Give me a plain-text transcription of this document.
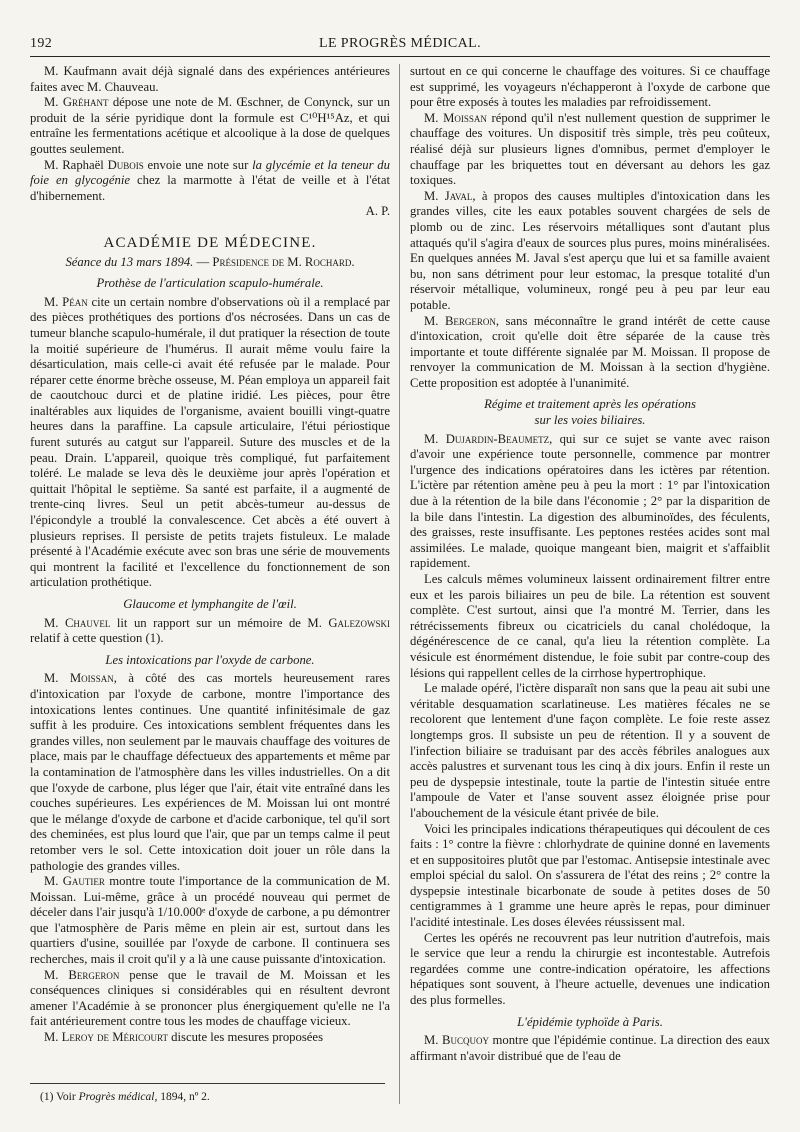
192	LE PROGRÈS MÉDICAL.

M. Kaufmann avait déjà signalé dans des expériences antérieures faites avec M. Chauveau.

M. Gréhant dépose une note de M. Œschner, de Conynck, sur un produit de la série pyridique dont la formule est C¹⁰H¹⁵Az, et qui entraîne les fermentations acétique et alcoolique à la dose de quelques gouttes seulement.

M. Raphaël Dubois envoie une note sur la glycémie et la teneur du foie en glycogénie chez la marmotte à l'état de veille et à l'état d'hibernement.
A. P.

ACADÉMIE DE MÉDECINE.

Séance du 13 mars 1894. — Présidence de M. Rochard.

Prothèse de l'articulation scapulo-humérale.

M. Péan cite un certain nombre d'observations où il a remplacé par des pièces prothétiques des portions d'os nécrosées. Dans un cas de tumeur blanche scapulo-humérale, il dut pratiquer la résection de toute la moitié supérieure de l'humérus. Il aurait même voulu faire la désarticulation, mais celle-ci avait été refusée par le malade. Pour réparer cette énorme brèche osseuse, M. Péan employa un appareil fait de caoutchouc durci et de platine iridié. Les pièces, pour être inaltérables aux liquides de l'organisme, avaient bouilli vingt-quatre heures dans la paraffine. La capsule articulaire, l'étui périostique furent suturés au catgut sur l'appareil. Suture des muscles et de la peau. Drain. L'appareil, quoique très compliqué, fut parfaitement toléré. Le malade se leva dès le deuxième jour après l'opération et quittait l'hôpital le septième. Sa santé est parfaite, il a augmenté de trente-cinq livres. Seul un petit abcès-tumeur au-dessus de l'épicondyle a troublé la convalescence. Cet abcès a été ouvert à plusieurs reprises. Il persiste de petits trajets fistuleux. Le malade présenté à l'Académie exécute avec son bras une série de mouvements qui montrent la facilité et l'excellence du fonctionnement de son articulation prothétique.

Glaucome et lymphangite de l'œil.

M. Chauvel lit un rapport sur un mémoire de M. Galezowski relatif à cette question (1).

Les intoxications par l'oxyde de carbone.

M. Moissan, à côté des cas mortels heureusement rares d'intoxication par l'oxyde de carbone, montre l'importance des intoxications lentes continues. Une quantité infinitésimale de gaz suffit à les produire. Ces intoxications semblent fréquentes dans les grandes villes, non seulement par le mauvais chauffage des voitures de place, mais par le chauffage défectueux des appartements et même par la contamination de l'atmosphère dans les villes industrielles. On a dit que l'oxyde de carbone, plus léger que l'air, était vite entraîné dans les couches supérieures. Les expériences de M. Moissan lui ont montré que le mélange d'oxyde de carbone et d'acide carbonique, tel qu'il sort des cheminées, est plus lourd que l'air, que par un temps calme il peut retomber vers le sol. Cette intoxication doit jouer un rôle dans la pathologie des grandes villes.

M. Gautier montre toute l'importance de la communication de M. Moissan. Lui-même, grâce à un procédé nouveau qui permet de déceler dans l'air jusqu'à 1/10.000ᵉ d'oxyde de carbone, a pu démontrer que l'atmosphère de Paris même en plein air est, surtout dans les quartiers d'usine, souillée par l'oxyde de carbone. Il continuera ses recherches, mais il croit qu'il y a là une cause puissante d'intoxication.

M. Bergeron pense que le travail de M. Moissan et les conséquences cliniques si considérables qui en résultent devront amener l'Académie à se prononcer plus énergiquement qu'elle ne l'a fait antérieurement contre tous les modes de chauffage vicieux.

M. Leroy de Méricourt discute les mesures proposées

surtout en ce qui concerne le chauffage des voitures. Si ce chauffage est supprimé, les voyageurs n'échapperont à l'oxyde de carbone que pour être exposés à toutes les maladies par refroidissement.

M. Moissan répond qu'il n'est nullement question de supprimer le chauffage des voitures. Un dispositif très simple, très peu coûteux, réalisé déjà sur plusieurs lignes d'omnibus, permet d'employer le chauffage par les briquettes tout en déversant au dehors les gaz toxiques.

M. Javal, à propos des causes multiples d'intoxication dans les grandes villes, cite les eaux potables souvent chargées de sels de plomb ou de zinc. Les réservoirs métalliques sont d'autant plus attaqués qu'il s'agira d'eaux de sources plus pures, moins minéralisées. En quelques années M. Javal s'est aperçu que lui et sa famille avaient bu, non sans détriment pour leur estomac, la presque totalité d'un réservoir métallique, volumineux, rongé peu à peu par leur eau potable.

M. Bergeron, sans méconnaître le grand intérêt de cette cause d'intoxication, croit qu'elle doit être séparée de la cause très importante et toute différente signalée par M. Moissan. Il propose de renvoyer la communication de M. Moissan à la section d'hygiène. Cette proposition est adoptée à l'unanimité.

Régime et traitement après les opérations
sur les voies biliaires.

M. Dujardin-Beaumetz, qui sur ce sujet se vante avec raison d'avoir une expérience toute personnelle, commence par montrer l'urgence des indications opératoires dans les ictères par rétention. L'ictère par rétention amène peu à peu la mort : 1° par l'intoxication due à la rétention de la bile dans l'économie ; 2° par la disparition de la bile dans l'intestin. La digestion des albuminoïdes, des féculents, des graisses, reste insuffisante. Les peptones restées acides sont mal assimilées. Le malade, quoique mangeant bien, maigrit et s'affaiblit rapidement.

Les calculs mêmes volumineux laissent ordinairement filtrer entre eux et les parois biliaires un peu de bile. La rétention est souvent complète. C'est surtout, ainsi que l'a montré M. Terrier, dans les rétrécissements fibreux ou cicatriciels du canal cholédoque, la dégénérescence de ce canal, qu'a lieu la rétention complète. La vésicule est énormément distendue, le foie subit par contre-coup des lésions qui rappellent celles de la cirrhose hypertrophique.

Le malade opéré, l'ictère disparaît non sans que la peau ait subi une véritable desquamation scarlatineuse. Les matières fécales ne se recolorent que lentement d'une façon complète. Le foie reste assez longtemps gros. Il subsiste un peu de rétention. Il y a souvent de l'infection biliaire se traduisant par des accès fébriles analogues aux accès palustres et survenant tous les cinq à dix jours. Enfin il reste un peu de dyspepsie intestinale, toute la partie de l'intestin située entre l'ampoule de Vater et l'anse souvent assez éloignée prise pour l'abouchement de la vésicule étant privée de bile.

Voici les principales indications thérapeutiques qui découlent de ces faits : 1° contre la fièvre : chlorhydrate de quinine donné en lavements et en suppositoires plutôt que par l'estomac. Antisepsie intestinale avec emploi spécial du salol. On s'assurera de l'état des reins ; 2° contre la dyspepsie intestinale bicarbonate de soude à petites doses de 50 centigrammes à 1 gramme une heure après le repas, pour diminuer l'acidité intestinale. Les doses élevées réussissent mal.

Certes les opérés ne recouvrent pas leur nutrition d'autrefois, mais le service que leur a rendu la chirurgie est incontestable. Autrefois regardées comme une contre-indication opératoire, les affections hépatiques sont souvent, à l'heure actuelle, devenues une indication des plus formelles.

L'épidémie typhoïde à Paris.

M. Bucquoy montre que l'épidémie continue. La direction des eaux affirmant n'avoir distribué que de l'eau de

(1) Voir Progrès médical, 1894, nº 2.
